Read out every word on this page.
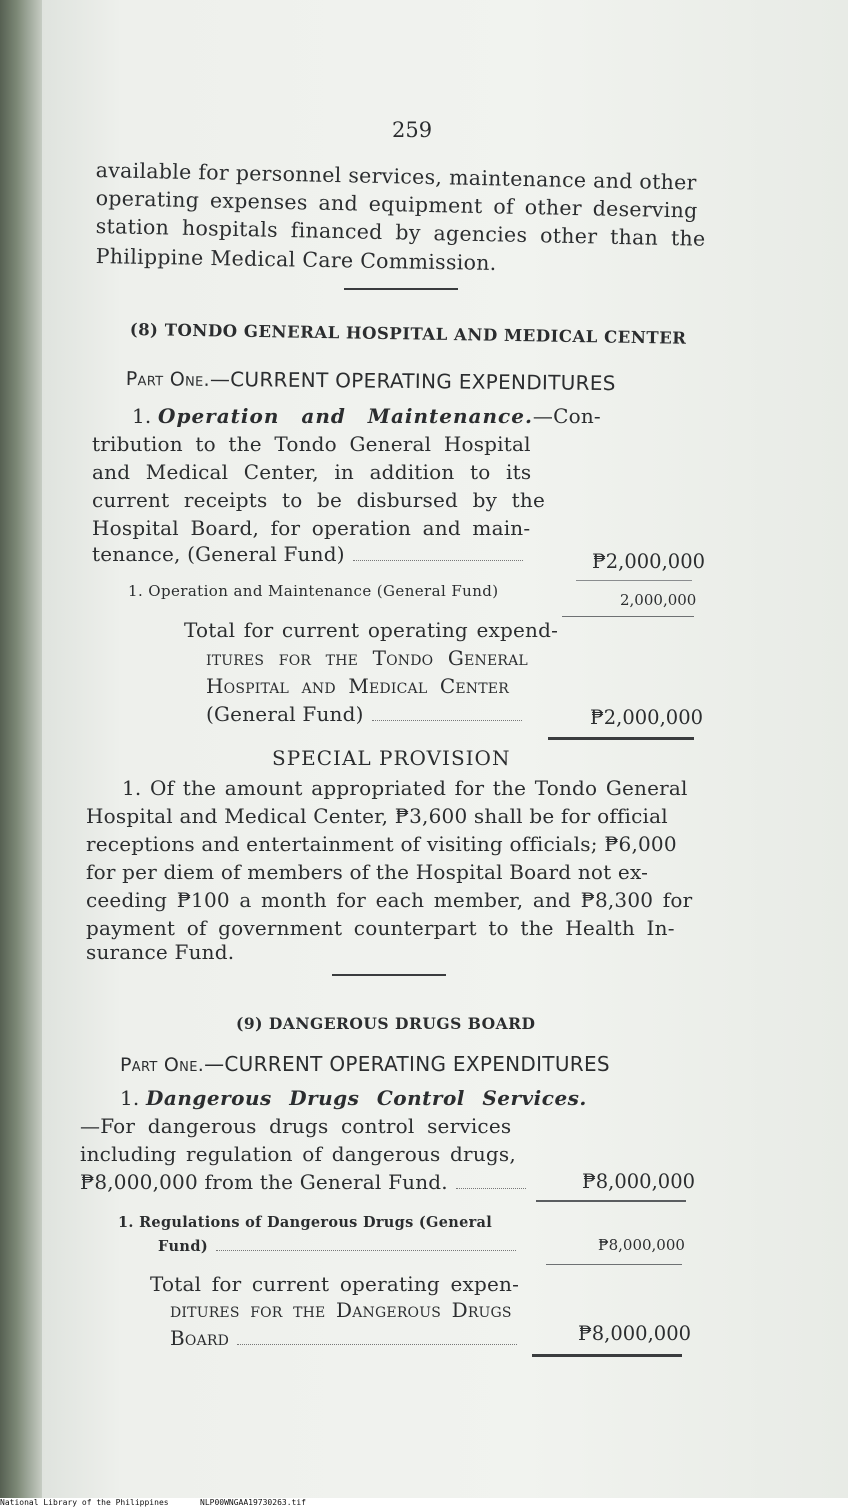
259
available for personnel services, maintenance and other
operating expenses and equipment of other deserving
station hospitals financed by agencies other than the
Philippine Medical Care Commission.
(8) TONDO GENERAL HOSPITAL AND MEDICAL CENTER
Part One.—CURRENT OPERATING EXPENDITURES
1. Operation and Maintenance.—Con-
tribution to the Tondo General Hospital
and Medical Center, in addition to its
current receipts to be disbursed by the
Hospital Board, for operation and main-
tenance, (General Fund)	₱2,000,000
1. Operation and Maintenance (General Fund)	2,000,000
Total for current operating expend-
itures for the Tondo General
Hospital and Medical Center
(General Fund)	₱2,000,000
SPECIAL PROVISION
1. Of the amount appropriated for the Tondo General
Hospital and Medical Center, ₱3,600 shall be for official
receptions and entertainment of visiting officials; ₱6,000
for per diem of members of the Hospital Board not ex-
ceeding ₱100 a month for each member, and ₱8,300 for
payment of government counterpart to the Health In-
surance Fund.
(9) DANGEROUS DRUGS BOARD
Part One.—CURRENT OPERATING EXPENDITURES
1. Dangerous Drugs Control Services.
—For dangerous drugs control services
including regulation of dangerous drugs,
₱8,000,000 from the General Fund.	₱8,000,000
1. Regulations of Dangerous Drugs (General
Fund)	₱8,000,000
Total for current operating expen-
ditures for the Dangerous Drugs
Board	₱8,000,000
National Library of the Philippines	NLP00WNGAA19730263.tif
